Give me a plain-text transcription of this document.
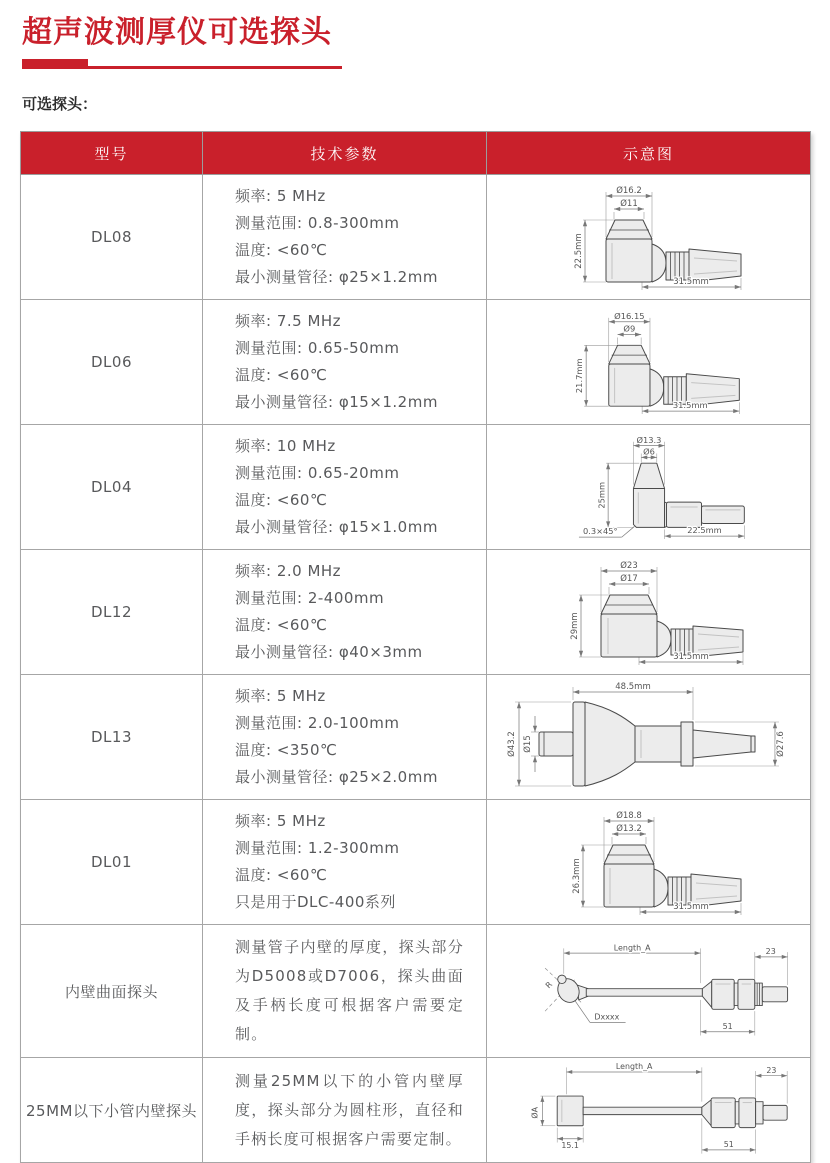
超声波测厚仪可选探头
可选探头：
型号	技术参数	示意图
DL08	
频率: 5 MHz
测量范围: 0.8-300mm
温度: <60℃
最小测量管径: φ25×1.2mm

Ø16.2
Ø11
22.5mm
31.5mm

DL06	
频率: 7.5 MHz
测量范围: 0.65-50mm
温度: <60℃
最小测量管径: φ15×1.2mm

Ø16.15
Ø9
21.7mm
31.5mm

DL04	
频率: 10 MHz
测量范围: 0.65-20mm
温度: <60℃
最小测量管径: φ15×1.0mm

Ø13.3
Ø6
25mm
0.3×45°	22.5mm

DL12	
频率: 2.0 MHz
测量范围: 2-400mm
温度: <60℃
最小测量管径: φ40×3mm

Ø23
Ø17
29mm
31.5mm

DL13	
频率: 5 MHz
测量范围: 2.0-100mm
温度: <350℃
最小测量管径: φ25×2.0mm

48.5mm
Ø43.2 Ø15	Ø27.6

DL01	
频率: 5 MHz
测量范围: 1.2-300mm
温度: <60℃
只是用于DLC-400系列

Ø18.8
Ø13.2
26.3mm
31.5mm

内壁曲面探头	测量管子内壁的厚度，探头部分为D5008或D7006，探头曲面及手柄长度可根据客户需要定制。	Length_A 23
51
Dxxxx
R

25MM以下小管内壁探头	测量25MM以下的小管内壁厚度，探头部分为圆柱形，直径和手柄长度可根据客户需要定制。	Length_A 23
ØA
15.1 51
